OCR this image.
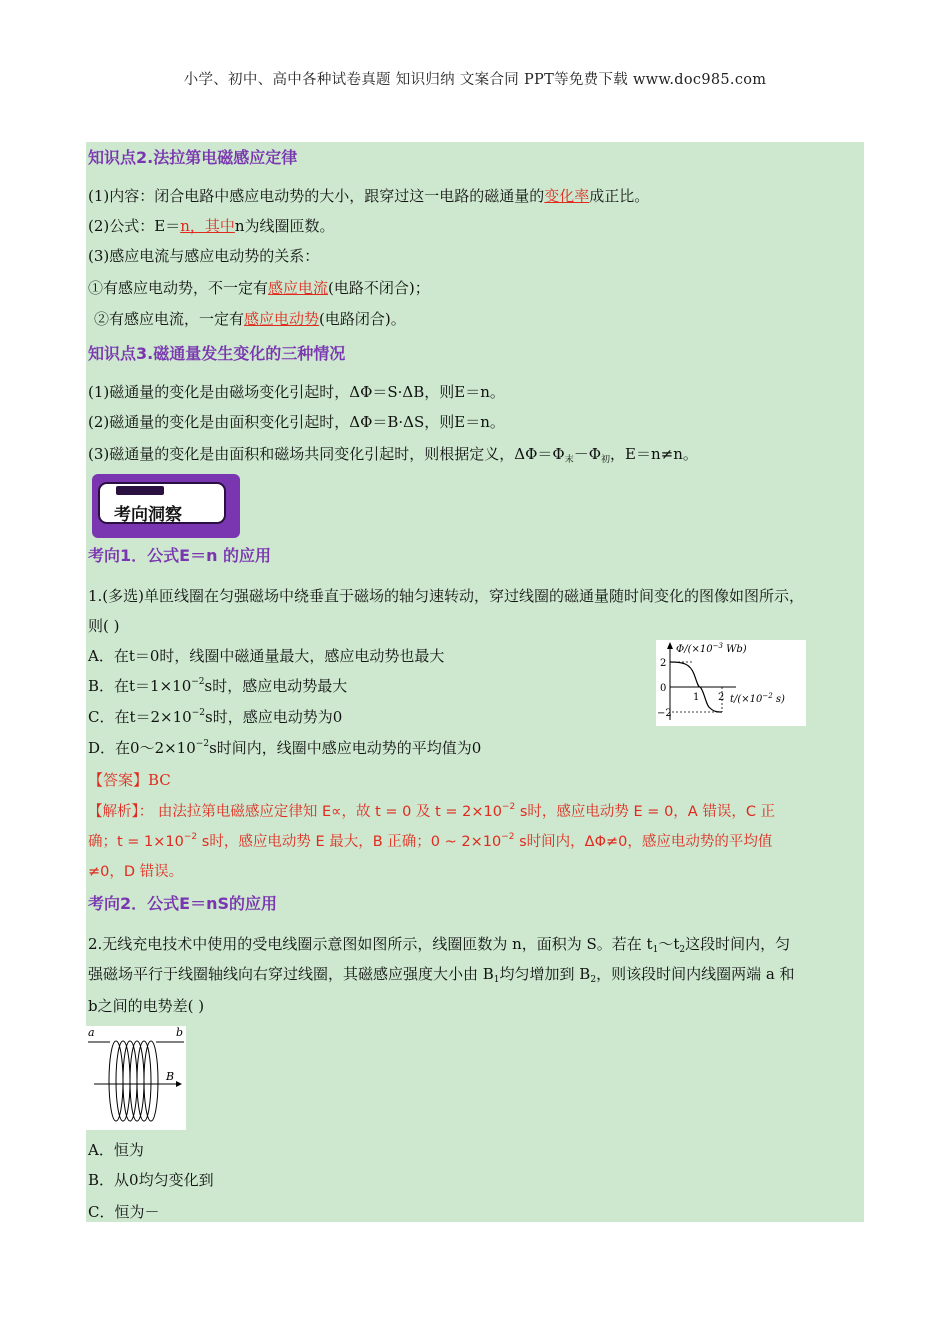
小学、初中、高中各种试卷真题 知识归纳 文案合同 PPT等免费下载 www.doc985.com
知识点2.法拉第电磁感应定律
(1)内容：闭合电路中感应电动势的大小，跟穿过这一电路的磁通量的变化率成正比。
(2)公式：E＝n，其中n为线圈匝数。
(3)感应电流与感应电动势的关系：
①有感应电动势，不一定有感应电流(电路不闭合)；
②有感应电流，一定有感应电动势(电路闭合)。
知识点3.磁通量发生变化的三种情况
(1)磁通量的变化是由磁场变化引起时，ΔΦ＝S·ΔB，则E＝n。
(2)磁通量的变化是由面积变化引起时，ΔΦ＝B·ΔS，则E＝n。
(3)磁通量的变化是由面积和磁场共同变化引起时，则根据定义，$\Delta\Phi=\Phi_末-\Phi_初$，E＝n≠n。
考向洞察
考向1．公式E＝n 的应用
1.(多选)单匝线圈在匀强磁场中绕垂直于磁场的轴匀速转动，穿过线圈的磁通量随时间变化的图像如图所示，
则( )
A．在t＝0时，线圈中磁通量最大，感应电动势也最大
B．在$t=1\times 10^{-2}s$时，感应电动势最大
C．在$t=2\times 10^{-2}s$时，感应电动势为0
D．在$0\sim 2\times 10^{-2}s$时间内，线圈中感应电动势的平均值为0
【答案】BC
【解析】： 由法拉第电磁感应定律知 E∝，故 t = 0 及 $t = 2\times 10^{-2}$ s时，感应电动势 E = 0，A 错误，C 正
确；$t = 1\times 10^{-2}$ s时，感应电动势 E 最大，B 正确；0 ~ $2\times 10^{-2}$ s时间内，ΔΦ≠0，感应电动势的平均值
≠0，D 错误。
$\Phi/(\times 10^{-3}$ Wb)
2
0
−2
1 2 $t/(\times 10^{-2}$ s)
考向2．公式E＝nS的应用
2.无线充电技术中使用的受电线圈示意图如图所示，线圈匝数为 n，面积为 S。若在 $t_1\sim t_2$这段时间内，匀
强磁场平行于线圈轴线向右穿过线圈，其磁感应强度大小由 $B_1$均匀增加到 $B_2$，则该段时间内线圈两端 a 和
b之间的电势差( )
a	b
B
A．恒为
B．从0均匀变化到
C．恒为－
